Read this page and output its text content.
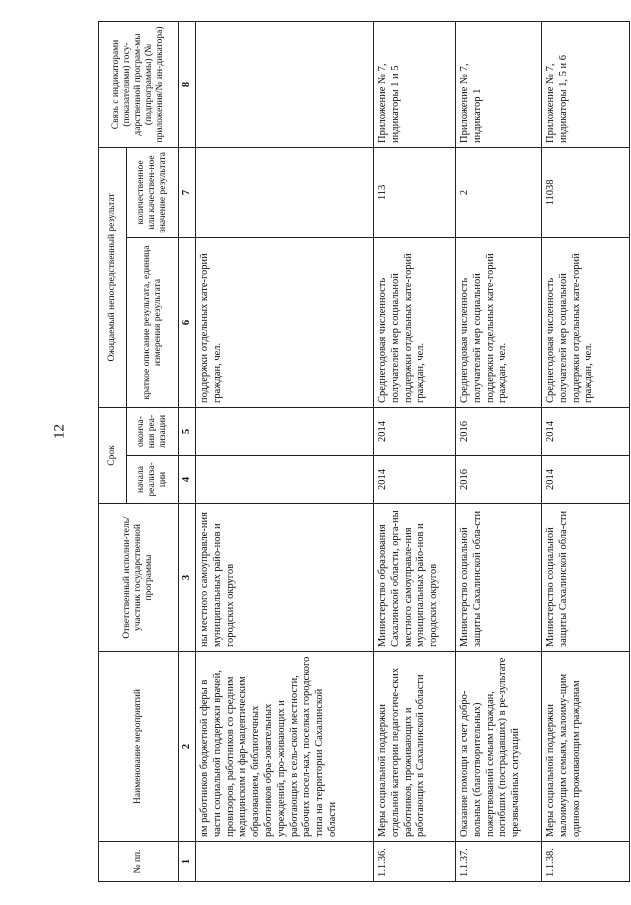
12
№ пп.	Наименование мероприятий	Ответственный исполни-тель/участник государственной программы	Срок		Ожидаемый непосредственный результат		Связь с индикаторами (показателями) госу-дарственной програм-мы (подпрограммы) (№ приложения/№ ин-дикатора)
			начала реализа-ции	оконча-ния реа-лизации	краткое описание результата, единица измерения результата	количественное или качествен-ное значение результата	
1	2	3	4	5	6	7	8
	ям работников бюджетной сферы в части социальной поддержки врачей, провизоров, работников со средним медицинским и фар-мацевтическим образованием, библиотечных работников обра-зовательных учреждений, про-живающих и работающих в сель-ской местности, рабочих посел-ках, поселках городского типа на территории Сахалинской области	ны местного самоуправле-ния муниципальных райо-нов и городских округов			поддержки отдельных кате-горий граждан, чел.		
1.1.36.	Меры социальной поддержки отдельной категории педагогиче-ских работников, проживающих и работающих в Сахалинской области	Министерство образования Сахалинской области, орга-ны местного самоуправле-ния муниципальных райо-нов и городских округов	2014	2014	Среднегодовая численность получателей мер социальной поддержки отдельных кате-горий граждан, чел.	113	Приложение № 7, индикаторы 1 и 5
1.1.37.	Оказание помощи за счет добро-вольных (благотворительных) пожертвований семьям граждан, погибших (пострадавших) в ре-зультате чрезвычайных ситуаций	Министерство социальной защиты Сахалинской обла-сти	2016	2016	Среднегодовая численность получателей мер социальной поддержки отдельных кате-горий граждан, чел.	2	Приложение № 7, индикатор 1
1.1.38.	Меры социальной поддержки малоимущим семьям, малоиму-щим одиноко проживающим гражданам	Министерство социальной защиты Сахалинской обла-сти	2014	2014	Среднегодовая численность получателей мер социальной поддержки отдельных кате-горий граждан, чел.	11038	Приложение № 7, индикаторы 1, 5 и 6
